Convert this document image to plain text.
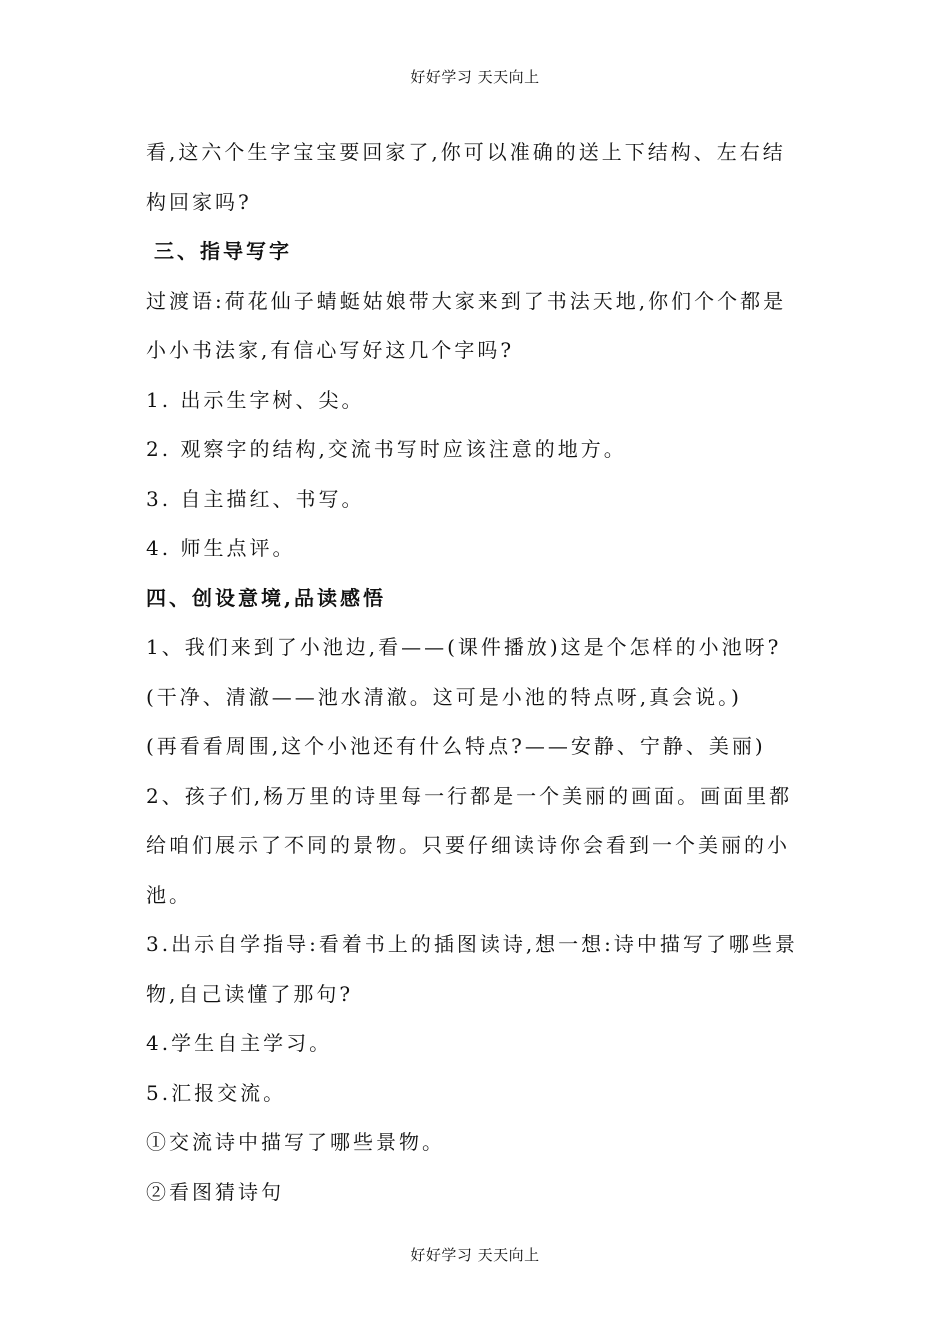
好好学习 天天向上
看,这六个生字宝宝要回家了,你可以准确的送上下结构、左右结
构回家吗?
三、指导写字
过渡语:荷花仙子蜻蜓姑娘带大家来到了书法天地,你们个个都是
小小书法家,有信心写好这几个字吗?
1. 出示生字树、尖。
2. 观察字的结构,交流书写时应该注意的地方。
3. 自主描红、书写。
4. 师生点评。
四、创设意境,品读感悟
1、我们来到了小池边,看——(课件播放)这是个怎样的小池呀?
(干净、清澈——池水清澈。这可是小池的特点呀,真会说。)
(再看看周围,这个小池还有什么特点?——安静、宁静、美丽)
2、孩子们,杨万里的诗里每一行都是一个美丽的画面。画面里都
给咱们展示了不同的景物。只要仔细读诗你会看到一个美丽的小
池。
3.出示自学指导:看着书上的插图读诗,想一想:诗中描写了哪些景
物,自己读懂了那句?
4.学生自主学习。
5.汇报交流。
①交流诗中描写了哪些景物。
②看图猜诗句
好好学习 天天向上
